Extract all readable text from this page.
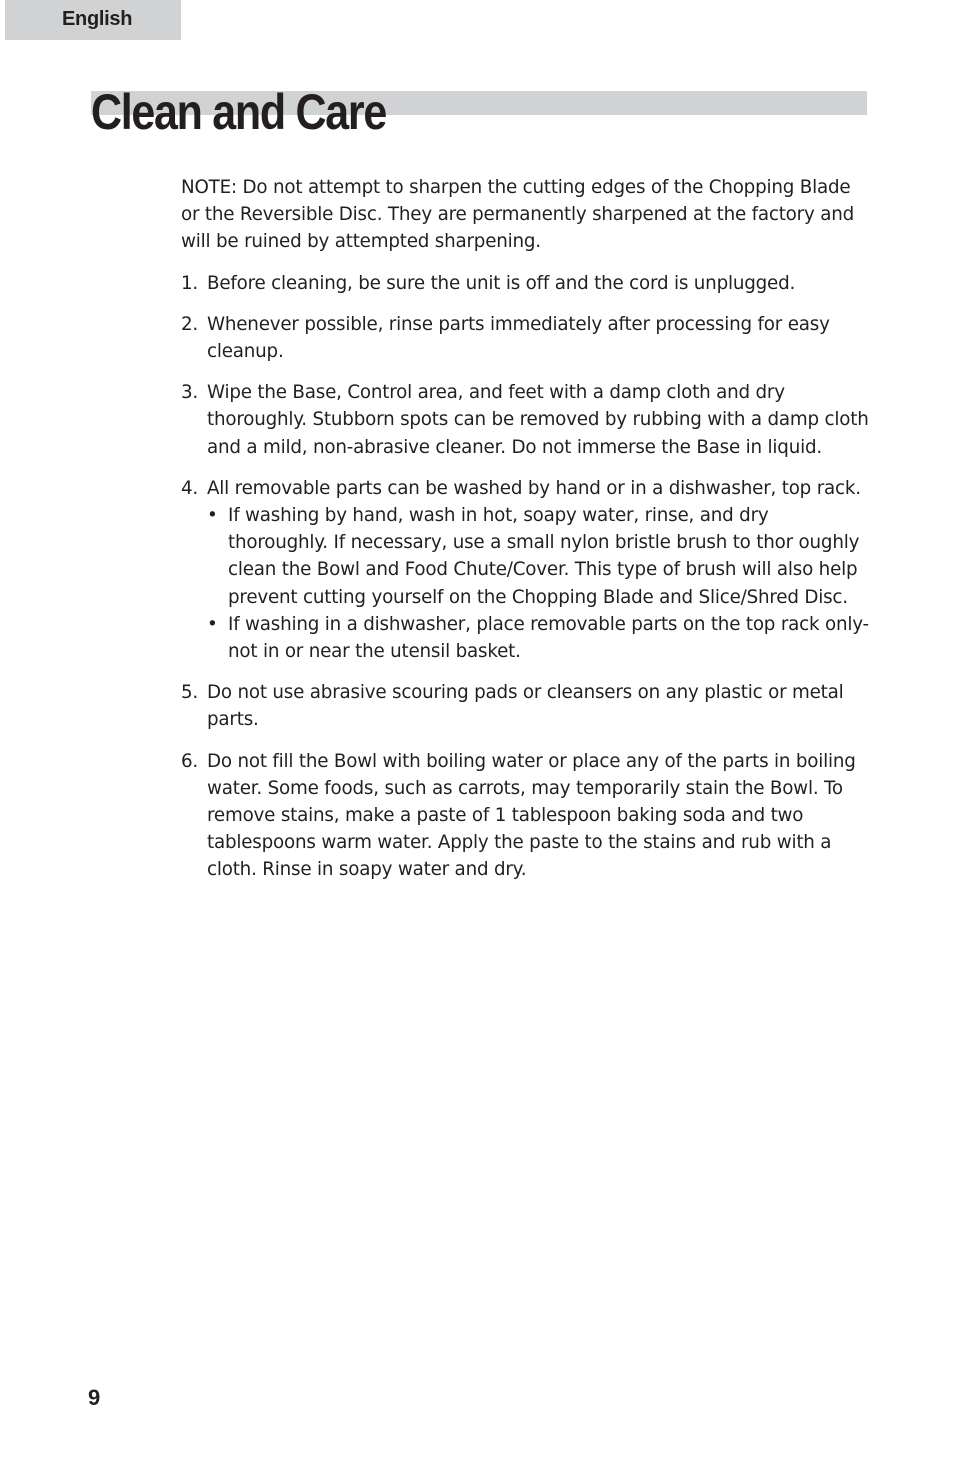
English
Clean and Care

NOTE: Do not attempt to sharpen the cutting edges of the Chopping Blade or the Reversible Disc. They are permanently sharpened at the factory and will be ruined by attempted sharpening.

1. Before cleaning, be sure the unit is off and the cord is unplugged.
2. Whenever possible, rinse parts immediately after processing for easy cleanup.
3. Wipe the Base, Control area, and feet with a damp cloth and dry thoroughly. Stubborn spots can be removed by rubbing with a damp cloth and a mild, non-abrasive cleaner. Do not immerse the Base in liquid.
4. All removable parts can be washed by hand or in a dishwasher, top rack.
• If washing by hand, wash in hot, soapy water, rinse, and dry thoroughly. If necessary, use a small nylon bristle brush to thor oughly clean the Bowl and Food Chute/Cover. This type of brush will also help prevent cutting yourself on the Chopping Blade and Slice/Shred Disc.
• If washing in a dishwasher, place removable parts on the top rack only-not in or near the utensil basket.
5. Do not use abrasive scouring pads or cleansers on any plastic or metal parts.
6. Do not fill the Bowl with boiling water or place any of the parts in boiling water. Some foods, such as carrots, may temporarily stain the Bowl. To remove stains, make a paste of 1 tablespoon baking soda and two tablespoons warm water. Apply the paste to the stains and rub with a cloth. Rinse in soapy water and dry.
9
